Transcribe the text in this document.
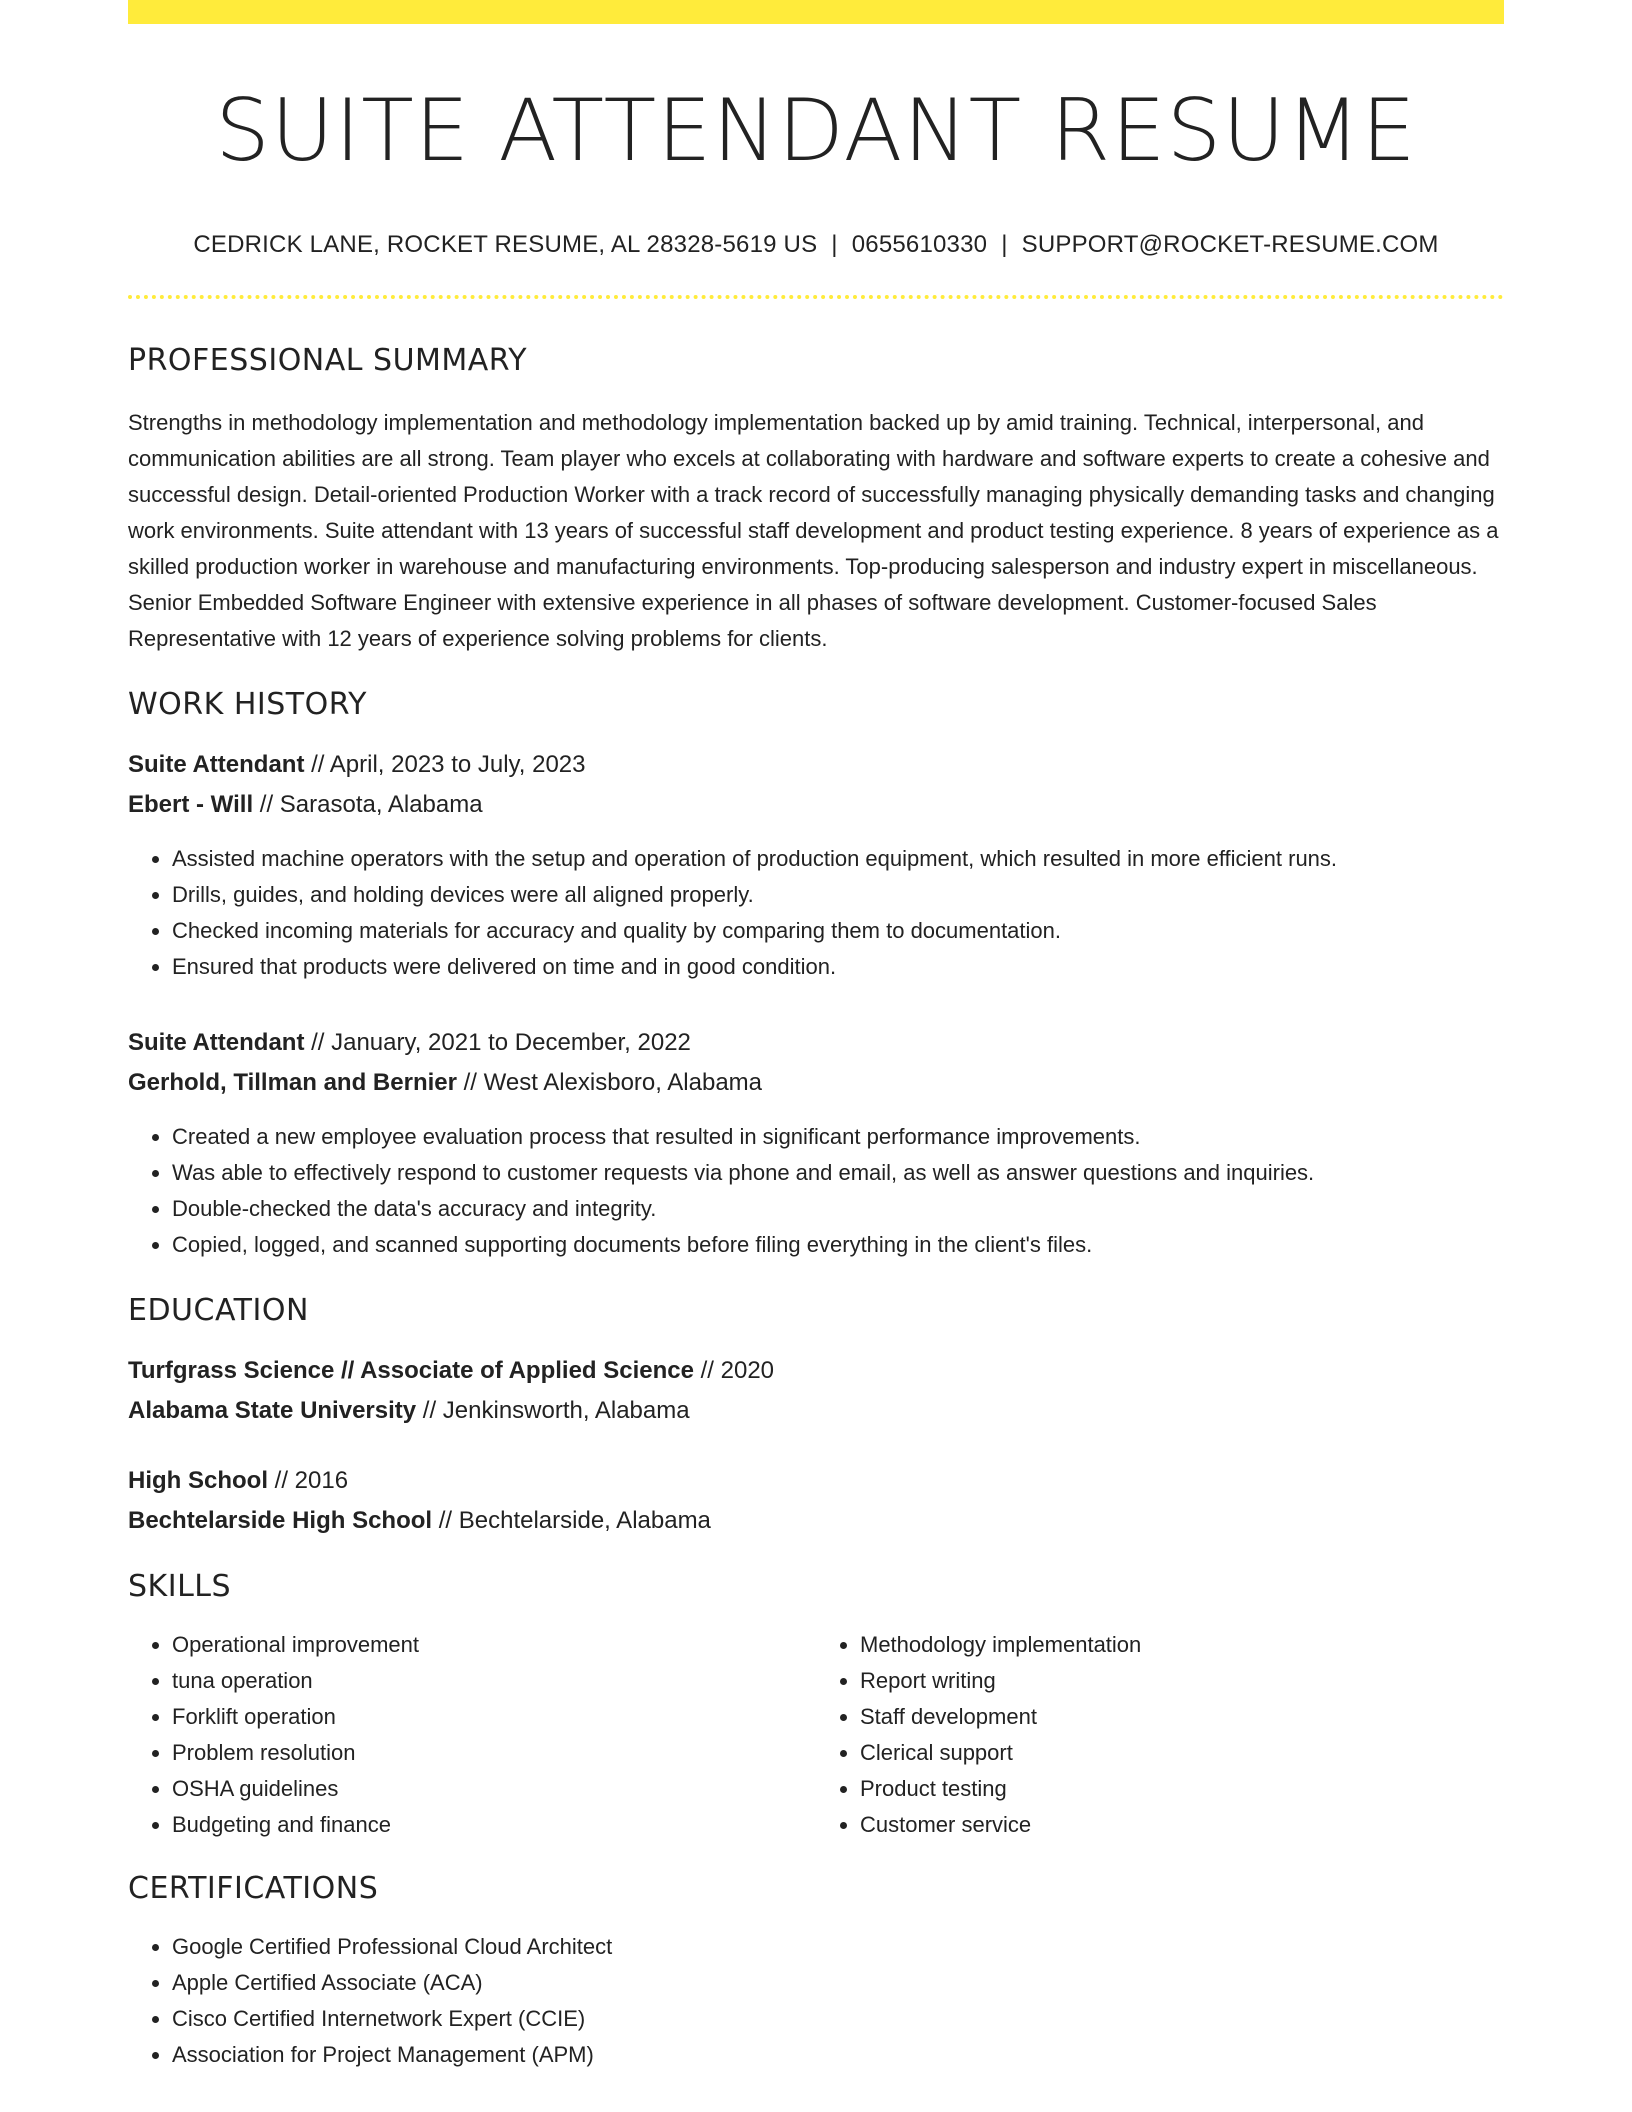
SUITE ATTENDANT RESUME
CEDRICK LANE, ROCKET RESUME, AL 28328-5619 US | 0655610330 | SUPPORT@ROCKET-RESUME.COM
PROFESSIONAL SUMMARY

Strengths in methodology implementation and methodology implementation backed up by amid training. Technical, interpersonal, and communication abilities are all strong. Team player who excels at collaborating with hardware and software experts to create a cohesive and successful design. Detail-oriented Production Worker with a track record of successfully managing physically demanding tasks and changing work environments. Suite attendant with 13 years of successful staff development and product testing experience. 8 years of experience as a skilled production worker in warehouse and manufacturing environments. Top-producing salesperson and industry expert in miscellaneous. Senior Embedded Software Engineer with extensive experience in all phases of software development. Customer-focused Sales Representative with 12 years of experience solving problems for clients.

WORK HISTORY
Suite Attendant // April, 2023 to July, 2023
Ebert - Will // Sarasota, Alabama
• Assisted machine operators with the setup and operation of production equipment, which resulted in more efficient runs.
• Drills, guides, and holding devices were all aligned properly.
• Checked incoming materials for accuracy and quality by comparing them to documentation.
• Ensured that products were delivered on time and in good condition.
Suite Attendant // January, 2021 to December, 2022
Gerhold, Tillman and Bernier // West Alexisboro, Alabama
• Created a new employee evaluation process that resulted in significant performance improvements.
• Was able to effectively respond to customer requests via phone and email, as well as answer questions and inquiries.
• Double-checked the data's accuracy and integrity.
• Copied, logged, and scanned supporting documents before filing everything in the client's files.
EDUCATION
Turfgrass Science // Associate of Applied Science // 2020
Alabama State University // Jenkinsworth, Alabama
High School // 2016
Bechtelarside High School // Bechtelarside, Alabama
SKILLS
• Operational improvement
• tuna operation
• Forklift operation
• Problem resolution
• OSHA guidelines
• Budgeting and finance
• Methodology implementation
• Report writing
• Staff development
• Clerical support
• Product testing
• Customer service
CERTIFICATIONS
• Google Certified Professional Cloud Architect
• Apple Certified Associate (ACA)
• Cisco Certified Internetwork Expert (CCIE)
• Association for Project Management (APM)
